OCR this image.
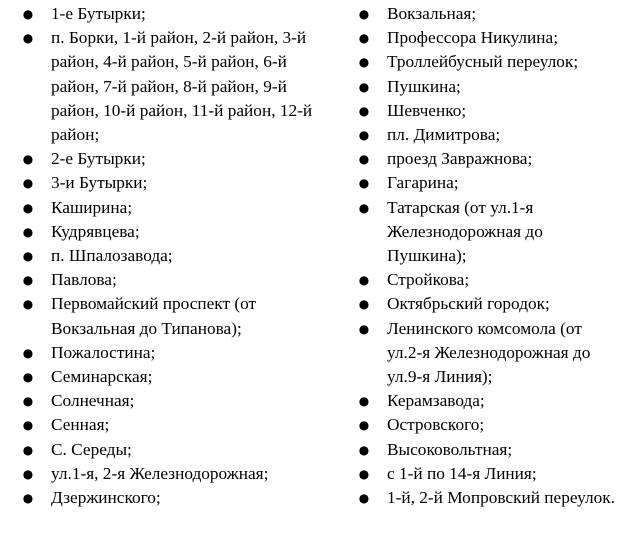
● 1-е Бутырки;
● п. Борки, 1-й район, 2-й район, 3-й район, 4-й район, 5-й район, 6-й район, 7-й район, 8-й район, 9-й район, 10-й район, 11-й район, 12-й район;
● 2-е Бутырки;
● 3-и Бутырки;
● Каширина;
● Кудрявцева;
● п. Шпалозавода;
● Павлова;
● Первомайский проспект (от Вокзальная до Типанова);
● Пожалостина;
● Семинарская;
● Солнечная;
● Сенная;
● С. Середы;
● ул.1-я, 2-я Железнодорожная;
● Дзержинского;
● Вокзальная;
● Профессора Никулина;
● Троллейбусный переулок;
● Пушкина;
● Шевченко;
● пл. Димитрова;
● проезд Завражнова;
● Гагарина;
● Татарская (от ул.1-я Железнодорожная до Пушкина);
● Стройкова;
● Октябрьский городок;
● Ленинского комсомола (от ул.2-я Железнодорожная до ул.9-я Линия);
● Керамзавода;
● Островского;
● Высоковольтная;
● с 1-й по 14-я Линия;
● 1-й, 2-й Мопровский переулок.
